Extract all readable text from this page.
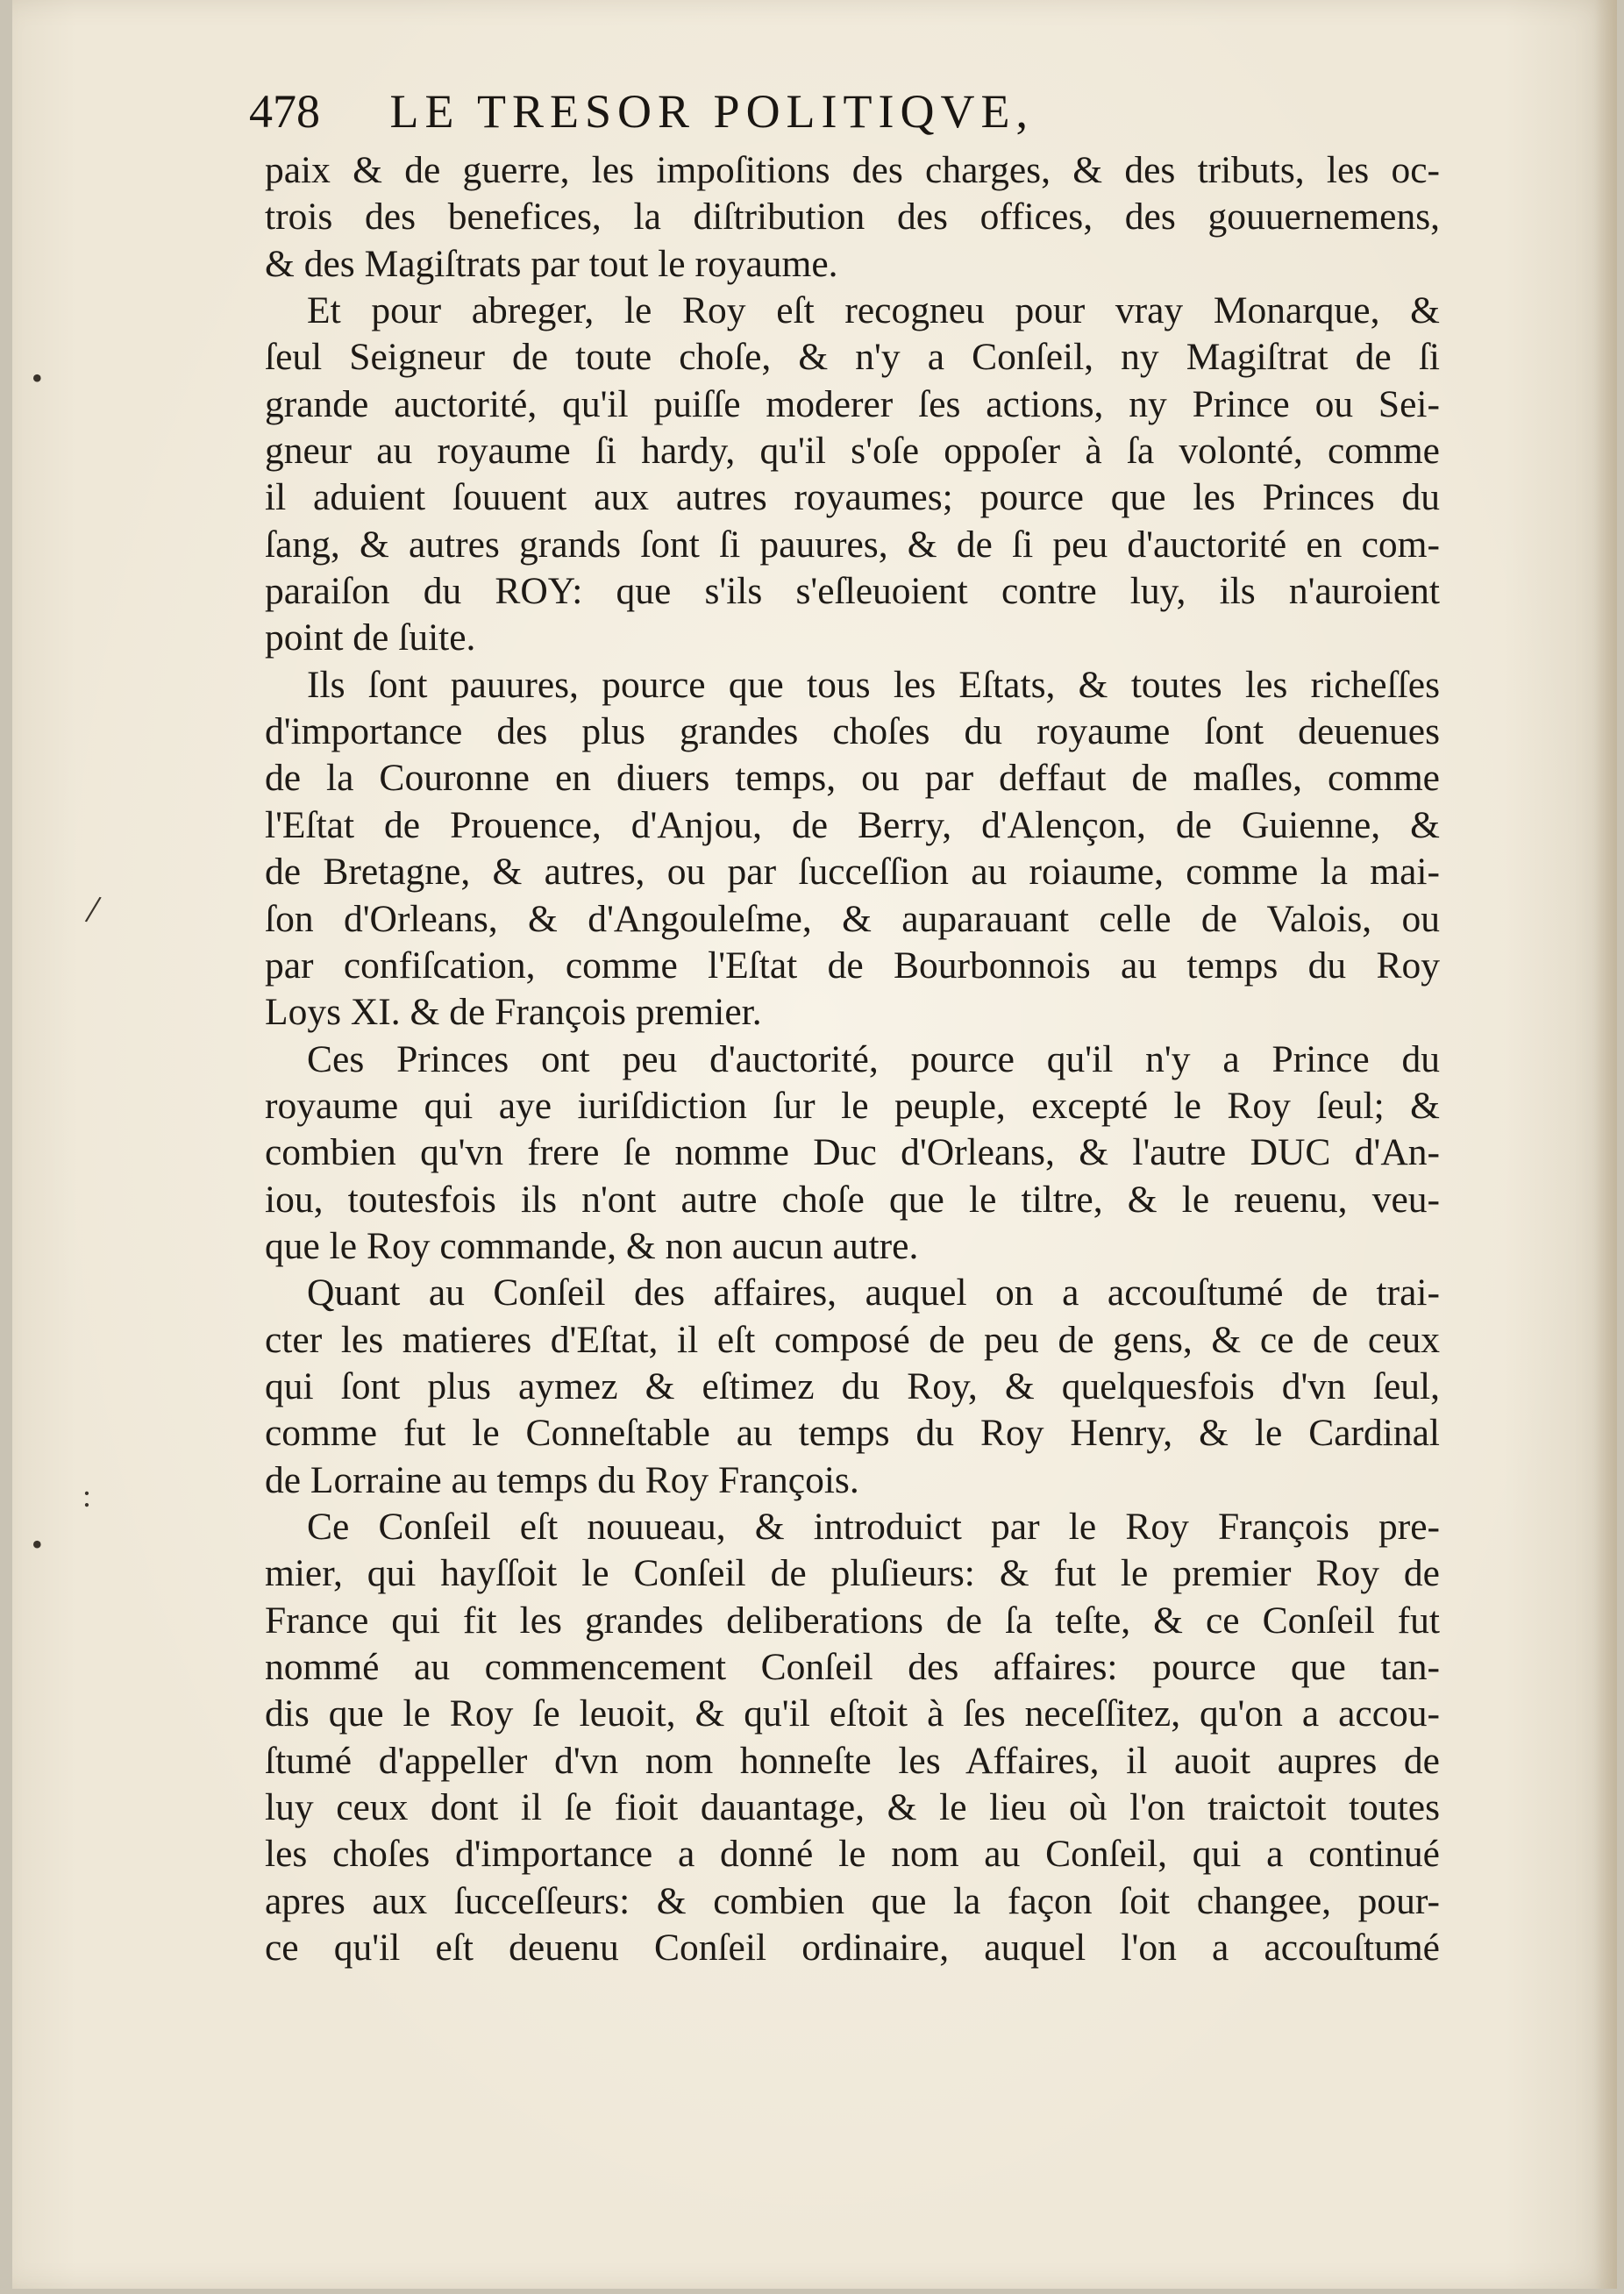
478 LE TRESOR POLITIQVE,
paix & de guerre, les impoſitions des charges, & des tributs, les oc-
trois des benefices, la diſtribution des offices, des gouuernemens,
& des Magiſtrats par tout le royaume.
Et pour abreger, le Roy eſt recogneu pour vray Monarque, &
ſeul Seigneur de toute choſe, & n'y a Conſeil, ny Magiſtrat de ſi
grande auctorité, qu'il puiſſe moderer ſes actions, ny Prince ou Sei-
gneur au royaume ſi hardy, qu'il s'oſe oppoſer à ſa volonté, comme
il aduient ſouuent aux autres royaumes; pource que les Princes du
ſang, & autres grands ſont ſi pauures, & de ſi peu d'auctorité en com-
paraiſon du ROY: que s'ils s'eſleuoient contre luy, ils n'auroient
point de ſuite.
Ils ſont pauures, pource que tous les Eſtats, & toutes les richeſſes
d'importance des plus grandes choſes du royaume ſont deuenues
de la Couronne en diuers temps, ou par deffaut de maſles, comme
l'Eſtat de Prouence, d'Anjou, de Berry, d'Alençon, de Guienne, &
de Bretagne, & autres, ou par ſucceſſion au roiaume, comme la mai-
ſon d'Orleans, & d'Angouleſme, & auparauant celle de Valois, ou
par confiſcation, comme l'Eſtat de Bourbonnois au temps du Roy
Loys XI. & de François premier.
Ces Princes ont peu d'auctorité, pource qu'il n'y a Prince du
royaume qui aye iuriſdiction ſur le peuple, excepté le Roy ſeul; &
combien qu'vn frere ſe nomme Duc d'Orleans, & l'autre DUC d'An-
iou, toutesfois ils n'ont autre choſe que le tiltre, & le reuenu, veu-
que le Roy commande, & non aucun autre.
Quant au Conſeil des affaires, auquel on a accouſtumé de trai-
cter les matieres d'Eſtat, il eſt composé de peu de gens, & ce de ceux
qui ſont plus aymez & eſtimez du Roy, & quelquesfois d'vn ſeul,
comme fut le Conneſtable au temps du Roy Henry, & le Cardinal
de Lorraine au temps du Roy François.
Ce Conſeil eſt nouueau, & introduict par le Roy François pre-
mier, qui hayſſoit le Conſeil de pluſieurs: & fut le premier Roy de
France qui fit les grandes deliberations de ſa teſte, & ce Conſeil fut
nommé au commencement Conſeil des affaires: pource que tan-
dis que le Roy ſe leuoit, & qu'il eſtoit à ſes neceſſitez, qu'on a accou-
ſtumé d'appeller d'vn nom honneſte les Affaires, il auoit aupres de
luy ceux dont il ſe fioit dauantage, & le lieu où l'on traictoit toutes
les choſes d'importance a donné le nom au Conſeil, qui a continué
apres aux ſucceſſeurs: & combien que la façon ſoit changee, pour-
ce qu'il eſt deuenu Conſeil ordinaire, auquel l'on a accouſtumé
•
/
:
•
